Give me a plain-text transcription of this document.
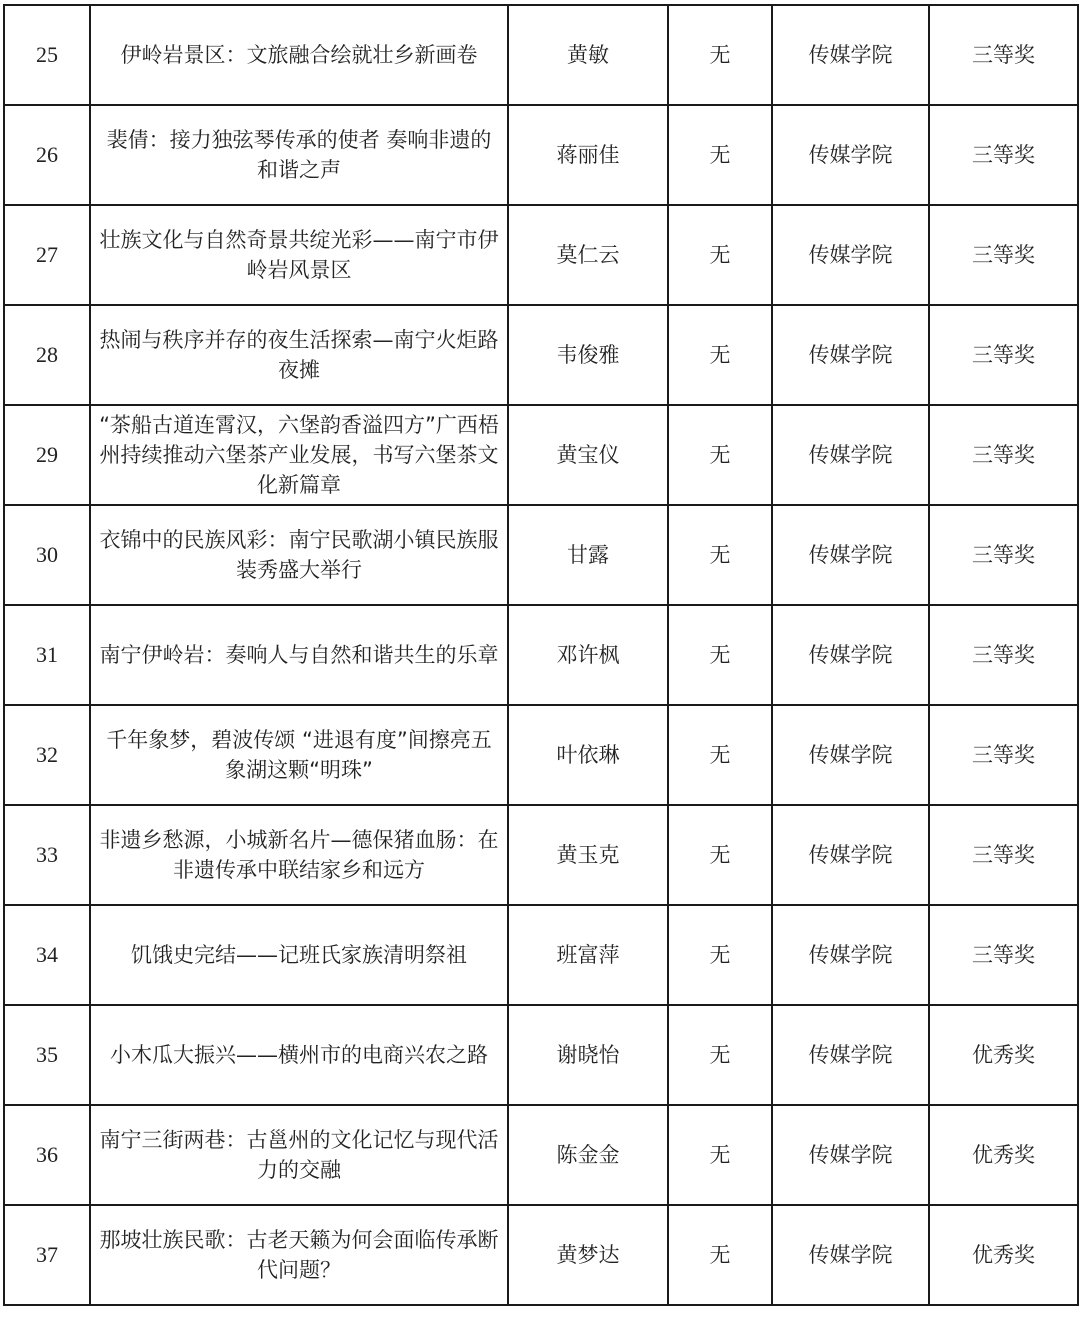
25	伊岭岩景区：文旅融合绘就壮乡新画卷	黄敏	无	传媒学院	三等奖
26	裴倩：接力独弦琴传承的使者 奏响非遗的和谐之声	蒋丽佳	无	传媒学院	三等奖
27	壮族文化与自然奇景共绽光彩——南宁市伊岭岩风景区	莫仁云	无	传媒学院	三等奖
28	热闹与秩序并存的夜生活探索—南宁火炬路夜摊	韦俊雅	无	传媒学院	三等奖
29	“茶船古道连霄汉，六堡韵香溢四方”广西梧州持续推动六堡茶产业发展，书写六堡茶文化新篇章	黄宝仪	无	传媒学院	三等奖
30	衣锦中的民族风彩：南宁民歌湖小镇民族服装秀盛大举行	甘露	无	传媒学院	三等奖
31	南宁伊岭岩：奏响人与自然和谐共生的乐章	邓许枫	无	传媒学院	三等奖
32	千年象梦，碧波传颂 “进退有度”间擦亮五象湖这颗“明珠”	叶依琳	无	传媒学院	三等奖
33	非遗乡愁源，小城新名片—德保猪血肠：在非遗传承中联结家乡和远方	黄玉克	无	传媒学院	三等奖
34	饥饿史完结——记班氏家族清明祭祖	班富萍	无	传媒学院	三等奖
35	小木瓜大振兴——横州市的电商兴农之路	谢晓怡	无	传媒学院	优秀奖
36	南宁三街两巷：古邕州的文化记忆与现代活力的交融	陈金金	无	传媒学院	优秀奖
37	那坡壮族民歌：古老天籁为何会面临传承断代问题？	黄梦达	无	传媒学院	优秀奖
